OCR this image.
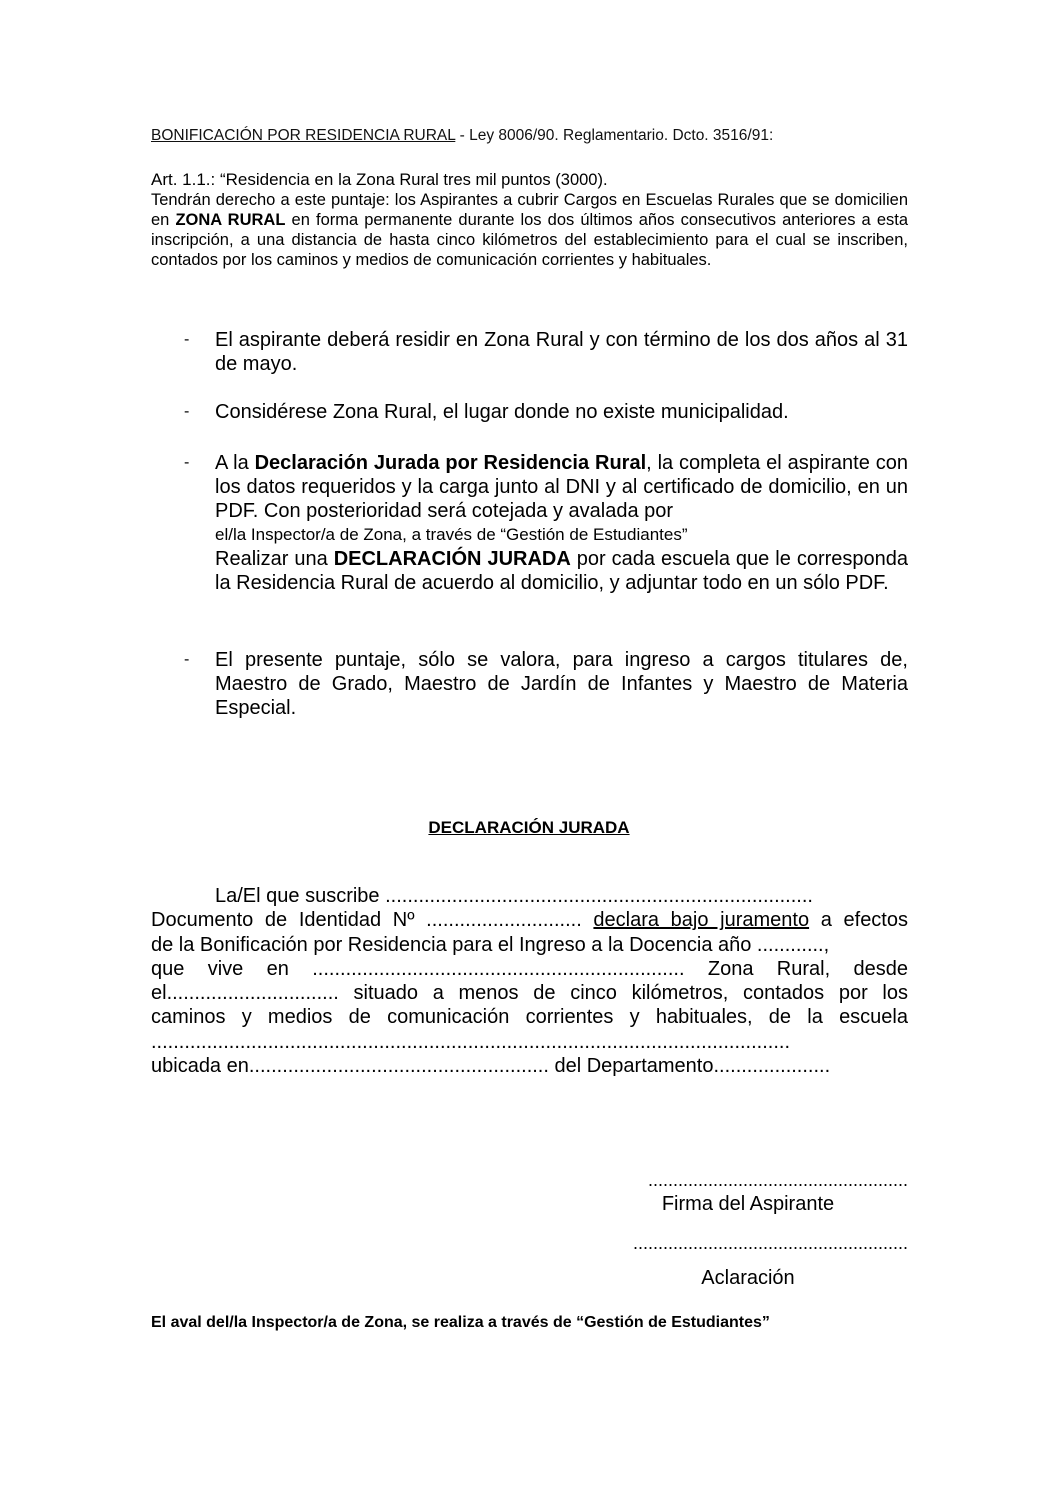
BONIFICACIÓN POR RESIDENCIA RURAL - Ley 8006/90. Reglamentario. Dcto. 3516/91:
Art. 1.1.: “Residencia en la Zona Rural tres mil puntos (3000).
Tendrán derecho a este puntaje: los Aspirantes a cubrir Cargos en Escuelas Rurales que se domicilien en ZONA RURAL en forma permanente durante los dos últimos años consecutivos anteriores a esta inscripción, a una distancia de hasta cinco kilómetros del establecimiento para el cual se inscriben, contados por los caminos y medios de comunicación corrientes y habituales.
- El aspirante deberá residir en Zona Rural y con término de los dos años al 31 de mayo.
- Considérese Zona Rural, el lugar donde no existe municipalidad.
- A la Declaración Jurada por Residencia Rural, la completa el aspirante con los datos requeridos y la carga junto al DNI y al certificado de domicilio, en un PDF. Con posterioridad será cotejada y avalada por
el/la Inspector/a de Zona, a través de “Gestión de Estudiantes”
Realizar una DECLARACIÓN JURADA por cada escuela que le corresponda la Residencia Rural de acuerdo al domicilio, y adjuntar todo en un sólo PDF.
- El presente puntaje, sólo se valora, para ingreso a cargos titulares de, Maestro de Grado, Maestro de Jardín de Infantes y Maestro de Materia Especial.
DECLARACIÓN JURADA
La/El que suscribe .............................................................................
Documento de Identidad Nº ............................ declara bajo juramento a efectos
de la Bonificación por Residencia para el Ingreso a la Docencia año ............,
que vive en ................................................................... Zona Rural, desde
el............................... situado a menos de cinco kilómetros, contados por los
caminos y medios de comunicación corrientes y habituales, de la escuela
...................................................................................................................
ubicada en...................................................... del Departamento.....................
....................................................
Firma del Aspirante
.......................................................
Aclaración
El aval del/la Inspector/a de Zona, se realiza a través de “Gestión de Estudiantes”
